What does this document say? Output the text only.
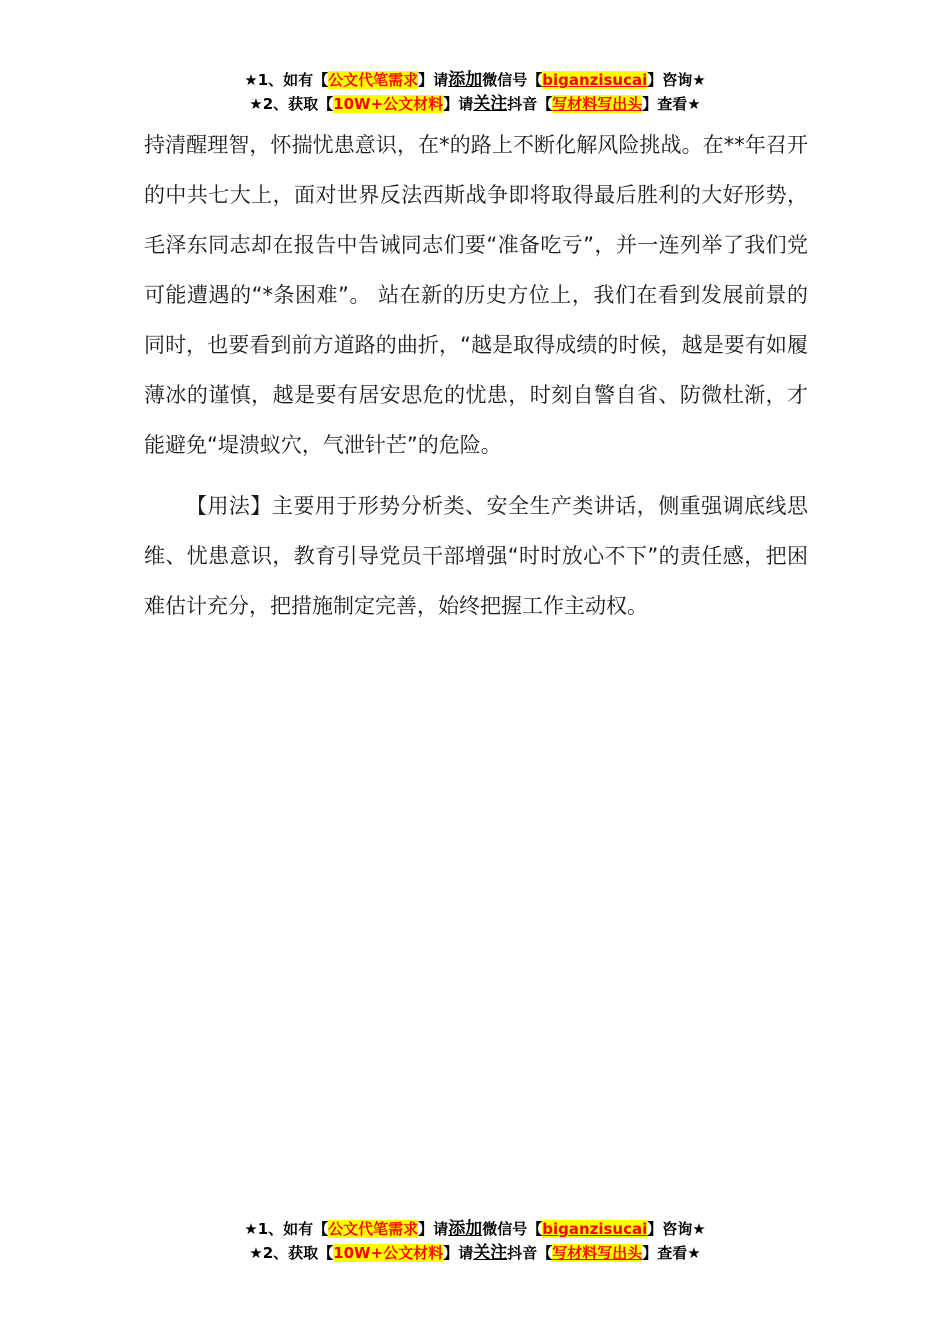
★1、如有【公文代笔需求】请添加微信号【biganzisucai】咨询★
★2、获取【10W+公文材料】请关注抖音【写材料写出头】查看★

持清醒理智，怀揣忧患意识，在*的路上不断化解风险挑战。在**年召开的中共七大上，面对世界反法西斯战争即将取得最后胜利的大好形势，毛泽东同志却在报告中告诫同志们要“准备吃亏”，并一连列举了我们党可能遭遇的“*条困难”。 站在新的历史方位上，我们在看到发展前景的同时，也要看到前方道路的曲折，“越是取得成绩的时候，越是要有如履薄冰的谨慎，越是要有居安思危的忧患，时刻自警自省、防微杜渐，才能避免“堤溃蚁穴，气泄针芒”的危险。

【用法】主要用于形势分析类、安全生产类讲话，侧重强调底线思维、忧患意识，教育引导党员干部增强“时时放心不下”的责任感，把困难估计充分，把措施制定完善，始终把握工作主动权。

★1、如有【公文代笔需求】请添加微信号【biganzisucai】咨询★
★2、获取【10W+公文材料】请关注抖音【写材料写出头】查看★
